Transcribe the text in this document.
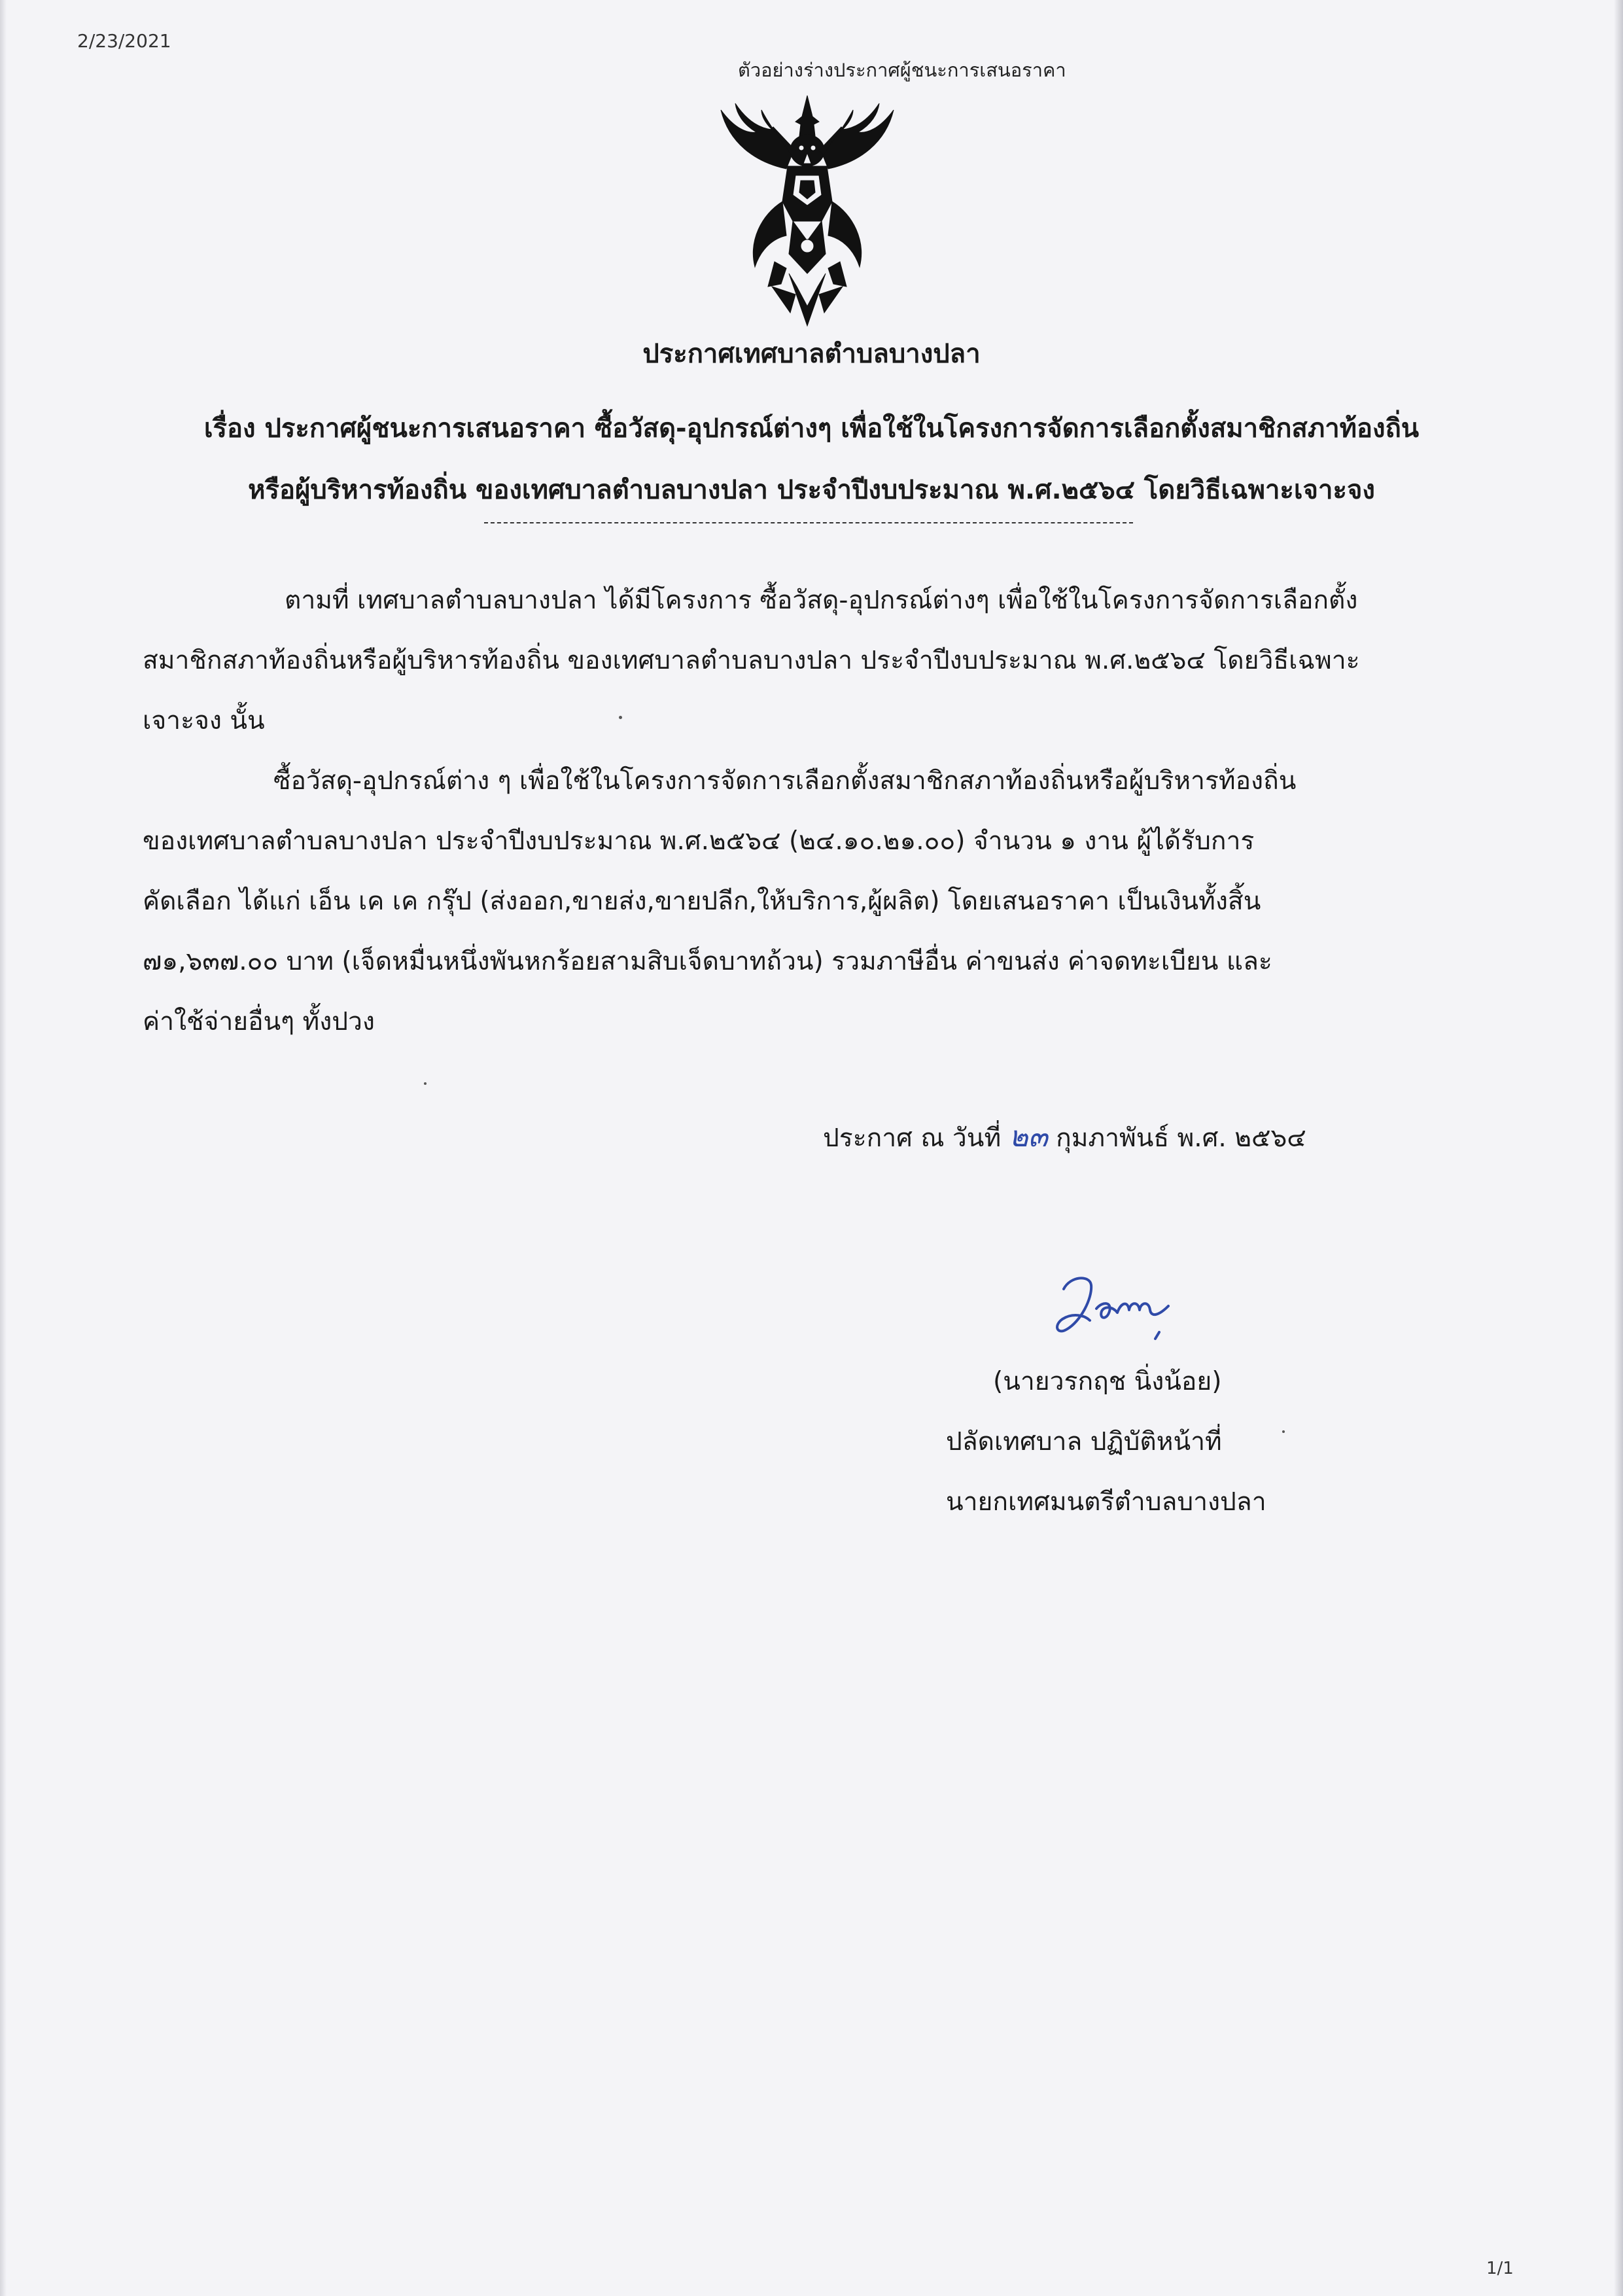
2/23/2021
ตัวอย่างร่างประกาศผู้ชนะการเสนอราคา
ประกาศเทศบาลตำบลบางปลา
เรื่อง ประกาศผู้ชนะการเสนอราคา ซื้อวัสดุ-อุปกรณ์ต่างๆ เพื่อใช้ในโครงการจัดการเลือกตั้งสมาชิกสภาท้องถิ่น
หรือผู้บริหารท้องถิ่น ของเทศบาลตำบลบางปลา ประจำปีงบประมาณ พ.ศ.๒๕๖๔ โดยวิธีเฉพาะเจาะจง
ตามที่ เทศบาลตำบลบางปลา ได้มีโครงการ ซื้อวัสดุ-อุปกรณ์ต่างๆ เพื่อใช้ในโครงการจัดการเลือกตั้ง
สมาชิกสภาท้องถิ่นหรือผู้บริหารท้องถิ่น ของเทศบาลตำบลบางปลา ประจำปีงบประมาณ พ.ศ.๒๕๖๔ โดยวิธีเฉพาะ
เจาะจง นั้น
ซื้อวัสดุ-อุปกรณ์ต่าง ๆ เพื่อใช้ในโครงการจัดการเลือกตั้งสมาชิกสภาท้องถิ่นหรือผู้บริหารท้องถิ่น
ของเทศบาลตำบลบางปลา ประจำปีงบประมาณ พ.ศ.๒๕๖๔ (๒๔.๑๐.๒๑.๐๐) จำนวน ๑ งาน ผู้ได้รับการ
คัดเลือก ได้แก่ เอ็น เค เค กรุ๊ป (ส่งออก,ขายส่ง,ขายปลีก,ให้บริการ,ผู้ผลิต) โดยเสนอราคา เป็นเงินทั้งสิ้น
๗๑,๖๓๗.๐๐ บาท (เจ็ดหมื่นหนึ่งพันหกร้อยสามสิบเจ็ดบาทถ้วน) รวมภาษีอื่น ค่าขนส่ง ค่าจดทะเบียน และ
ค่าใช้จ่ายอื่นๆ ทั้งปวง
ประกาศ ณ วันที่ ๒๓ กุมภาพันธ์ พ.ศ. ๒๕๖๔
(นายวรกฤช นิ่งน้อย)
ปลัดเทศบาล ปฏิบัติหน้าที่
นายกเทศมนตรีตำบลบางปลา
1/1
